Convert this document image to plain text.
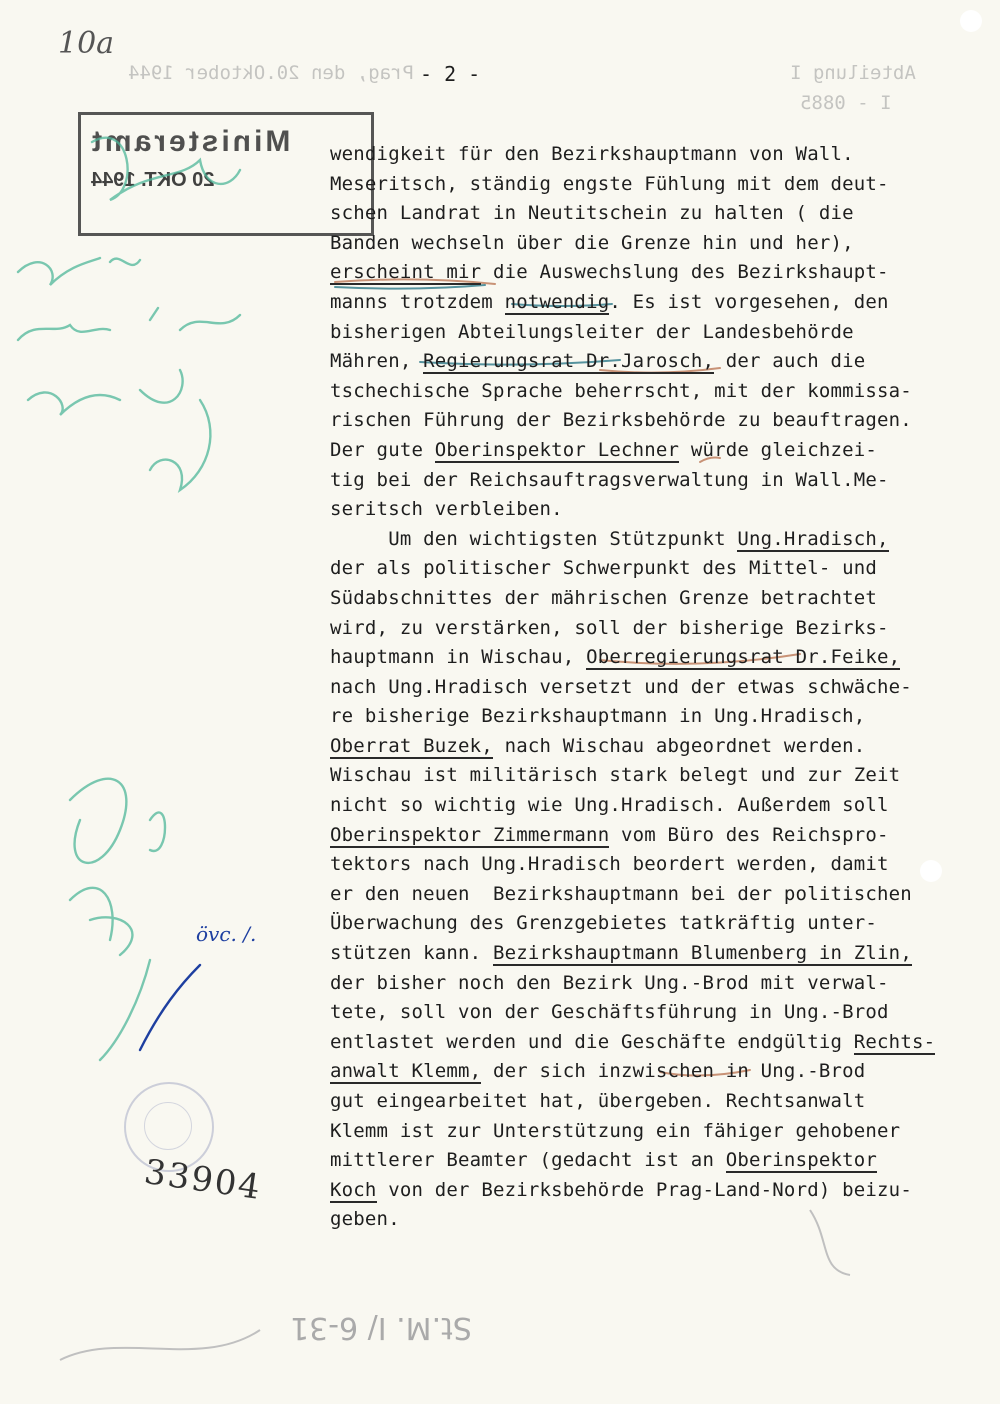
Prag, den 20.Oktober 1944	Abteilung I
I - 0885
10a
- 2 -
Ministeramt
20 OKT. 1944
wendigkeit für den Bezirkshauptmann von Wall.
Meseritsch, ständig engste Fühlung mit dem deut-
schen Landrat in Neutitschein zu halten ( die
Banden wechseln über die Grenze hin und her),
erscheint mir die Auswechslung des Bezirkshaupt-
manns trotzdem notwendig. Es ist vorgesehen, den
bisherigen Abteilungsleiter der Landesbehörde
Mähren, Regierungsrat Dr.Jarosch, der auch die
tschechische Sprache beherrscht, mit der kommissa-
rischen Führung der Bezirksbehörde zu beauftragen.
Der gute Oberinspektor Lechner würde gleichzei-
tig bei der Reichsauftragsverwaltung in Wall.Me-
seritsch verbleiben.
Um den wichtigsten Stützpunkt Ung.Hradisch,
der als politischer Schwerpunkt des Mittel- und
Südabschnittes der mährischen Grenze betrachtet
wird, zu verstärken, soll der bisherige Bezirks-
hauptmann in Wischau, Oberregierungsrat Dr.Feike,
nach Ung.Hradisch versetzt und der etwas schwäche-
re bisherige Bezirkshauptmann in Ung.Hradisch,
Oberrat Buzek, nach Wischau abgeordnet werden.
Wischau ist militärisch stark belegt und zur Zeit
nicht so wichtig wie Ung.Hradisch. Außerdem soll
Oberinspektor Zimmermann vom Büro des Reichspro-
tektors nach Ung.Hradisch beordert werden, damit
er den neuen  Bezirkshauptmann bei der politischen
Überwachung des Grenzgebietes tatkräftig unter-
stützen kann. Bezirkshauptmann Blumenberg in Zlin,
der bisher noch den Bezirk Ung.-Brod mit verwal-
tete, soll von der Geschäftsführung in Ung.-Brod
entlastet werden und die Geschäfte endgültig Rechts-
anwalt Klemm, der sich inzwischen in Ung.-Brod
gut eingearbeitet hat, übergeben. Rechtsanwalt
Klemm ist zur Unterstützung ein fähiger gehobener
mittlerer Beamter (gedacht ist an Oberinspektor
Koch von der Bezirksbehörde Prag-Land-Nord) beizu-
geben.
övc. /.
33904
St.M. I/ 6-31
